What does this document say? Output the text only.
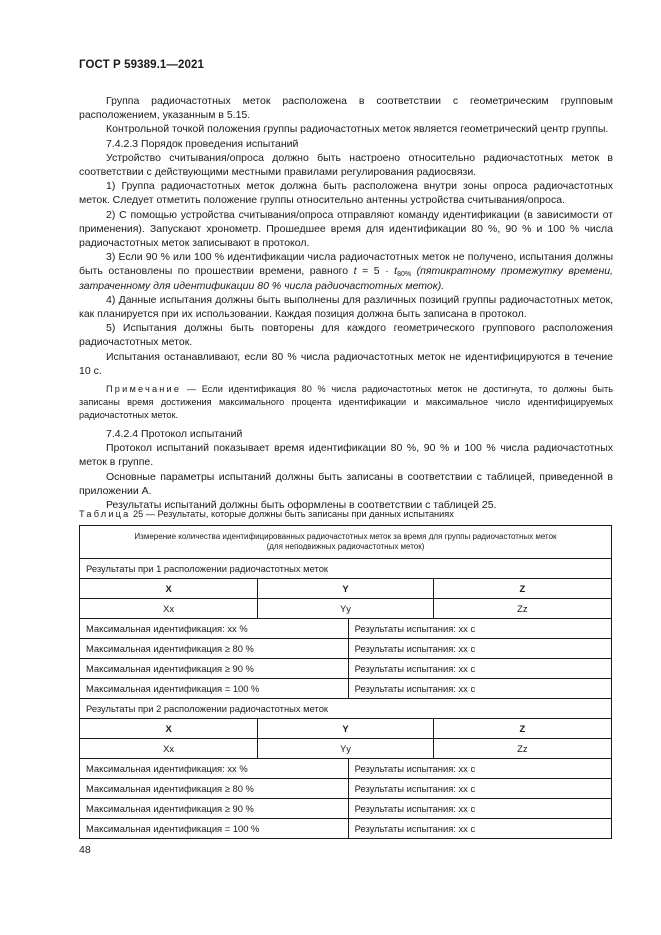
ГОСТ Р 59389.1—2021

Группа радиочастотных меток расположена в соответствии с геометрическим групповым расположением, указанным в 5.15.

Контрольной точкой положения группы радиочастотных меток является геометрический центр группы.

7.4.2.3 Порядок проведения испытаний

Устройство считывания/опроса должно быть настроено относительно радиочастотных меток в соответствии с действующими местными правилами регулирования радиосвязи.

1) Группа радиочастотных меток должна быть расположена внутри зоны опроса радиочастотных меток. Следует отметить положение группы относительно антенны устройства считывания/опроса.

2) С помощью устройства считывания/опроса отправляют команду идентификации (в зависимости от применения). Запускают хронометр. Прошедшее время для идентификации 80 %, 90 % и 100 % числа радиочастотных меток записывают в протокол.

3) Если 90 % или 100 % идентификации числа радиочастотных меток не получено, испытания должны быть остановлены по прошествии времени, равного $t = 5 \cdot t_{80\%}$ (пятикратному промежутку времени, затраченному для идентификации 80 % числа радиочастотных меток).

4) Данные испытания должны быть выполнены для различных позиций группы радиочастотных меток, как планируется при их использовании. Каждая позиция должна быть записана в протокол.

5) Испытания должны быть повторены для каждого геометрического группового расположения радиочастотных меток.

Испытания останавливают, если 80 % числа радиочастотных меток не идентифицируются в течение 10 с.

Примечание — Если идентификация 80 % числа радиочастотных меток не достигнута, то должны быть записаны время достижения максимального процента идентификации и максимальное число идентифицируемых радиочастотных меток.

7.4.2.4 Протокол испытаний

Протокол испытаний показывает время идентификации 80 %, 90 % и 100 % числа радиочастотных меток в группе.

Основные параметры испытаний должны быть записаны в соответствии с таблицей, приведенной в приложении А.

Результаты испытаний должны быть оформлены в соответствии с таблицей 25.

Таблица 25 — Результаты, которые должны быть записаны при данных испытаниях
Измерение количества идентифицированных радиочастотных меток за время для группы радиочастотных меток
(для неподвижных радиочастотных меток)			

Результаты при 1 расположении радиочастотных меток			
X	Y		Z
Xx	Yy		Zz
Максимальная идентификация: xx %		Результаты испытания: xx с	
Максимальная идентификация ≥ 80 %		Результаты испытания: xx с	
Максимальная идентификация ≥ 90 %		Результаты испытания: xx с	
Максимальная идентификация = 100 %		Результаты испытания: xx с	
Результаты при 2 расположении радиочастотных меток			
X	Y		Z
Xx	Yy		Zz
Максимальная идентификация: xx %		Результаты испытания: xx с	
Максимальная идентификация ≥ 80 %		Результаты испытания: xx с	
Максимальная идентификация ≥ 90 %		Результаты испытания: xx с	
Максимальная идентификация = 100 %		Результаты испытания: xx с	
48
